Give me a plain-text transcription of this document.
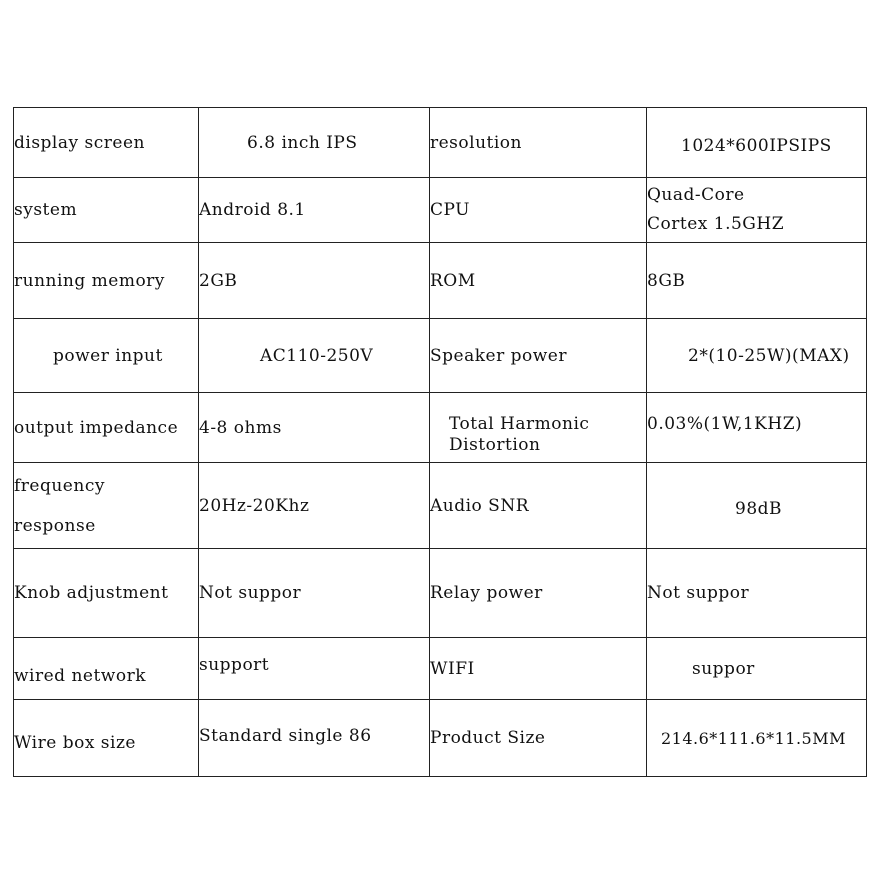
display screen	6.8 inch IPS	resolution	1024*600IPSIPS
system	Android 8.1	CPU	Quad-Core
Cortex 1.5GHZ

running memory	2GB	ROM	8GB
power input	AC110-250V	Speaker power	2*(10-25W)(MAX)
output impedance	4-8 ohms	Total Harmonic
Distortion	0.03%(1W,1KHZ)

frequency
response	20Hz-20Khz	Audio SNR	98dB
Knob adjustment	Not suppor	Relay power	Not suppor
wired network	support	WIFI	suppor
Wire box size	Standard single 86	Product Size	214.6*111.6*11.5MM
